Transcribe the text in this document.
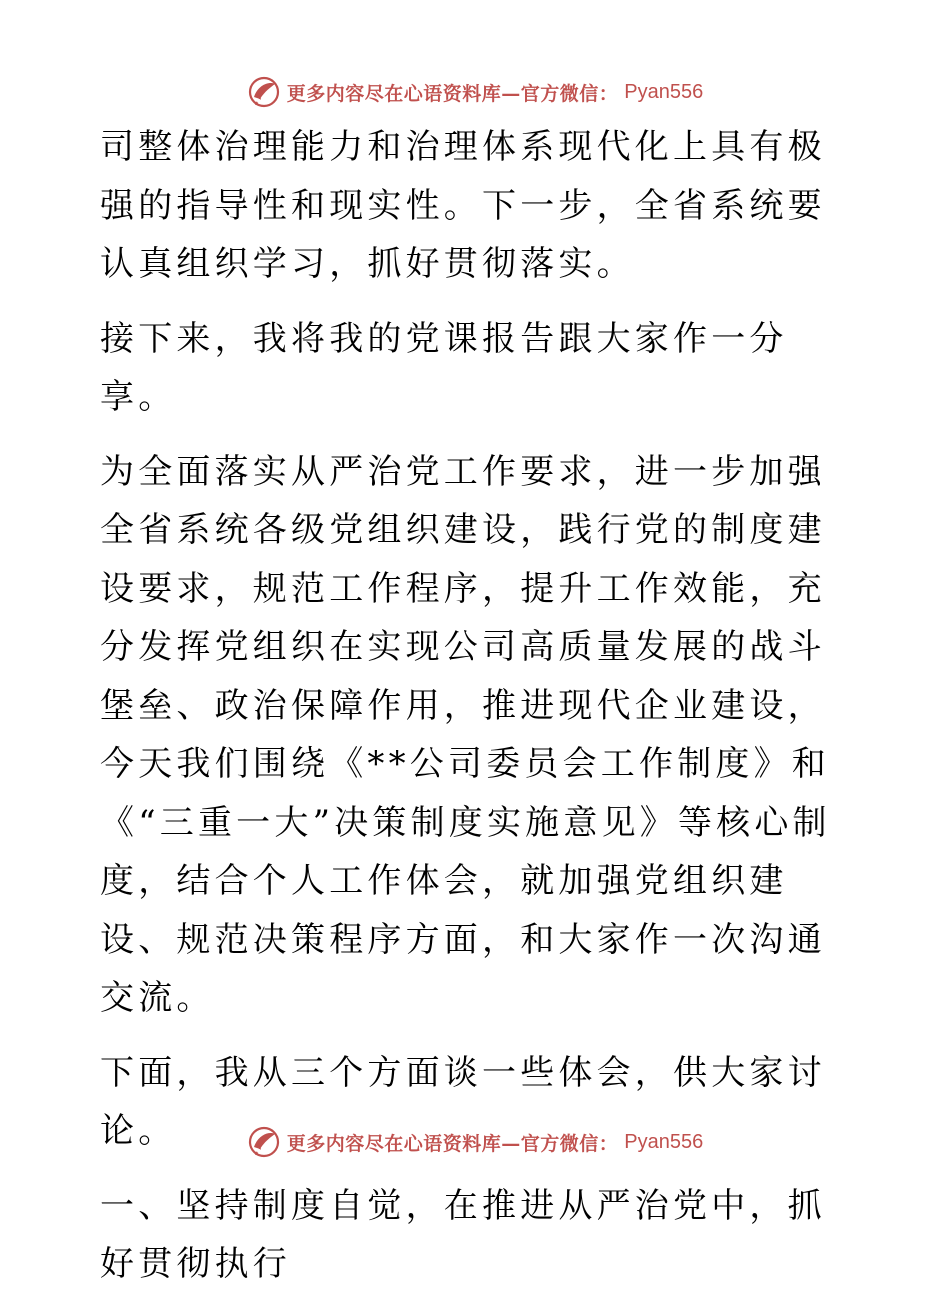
更多内容尽在心语资料库—官方微信： Pyan556

司整体治理能力和治理体系现代化上具有极强的指导性和现实性。下一步，全省系统要认真组织学习，抓好贯彻落实。

接下来，我将我的党课报告跟大家作一分享。

为全面落实从严治党工作要求，进一步加强全省系统各级党组织建设，践行党的制度建设要求，规范工作程序，提升工作效能，充分发挥党组织在实现公司高质量发展的战斗堡垒、政治保障作用，推进现代企业建设，今天我们围绕《**公司委员会工作制度》和《“三重一大”决策制度实施意见》等核心制度，结合个人工作体会，就加强党组织建设、规范决策程序方面，和大家作一次沟通交流。

下面，我从三个方面谈一些体会，供大家讨论。

一、坚持制度自觉，在推进从严治党中，抓好贯彻执行

更多内容尽在心语资料库—官方微信： Pyan556
